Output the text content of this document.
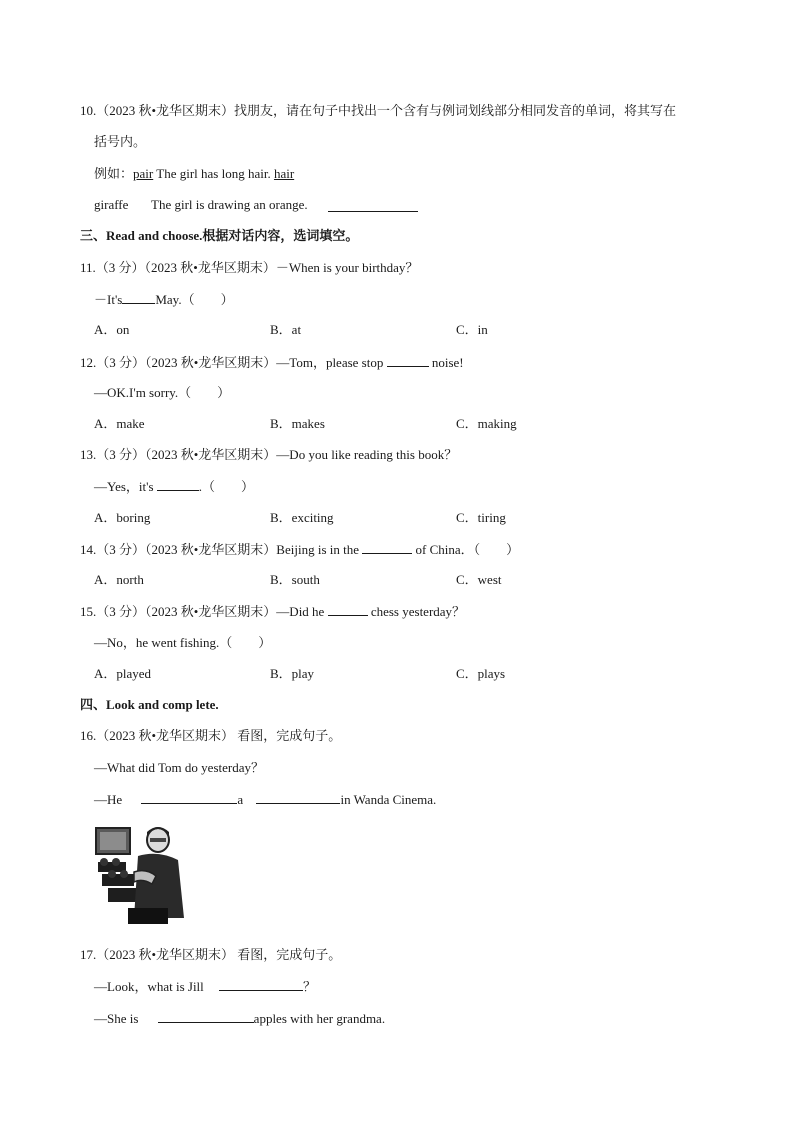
10.（2023 秋•龙华区期末）找朋友，请在句子中找出一个含有与例词划线部分相同发音的单词，将其写在
括号内。
例如：pair The girl has long hair. hair
giraffe The girl is drawing an orange.
三、Read and choose.根据对话内容，选词填空。
11.（3 分）（2023 秋•龙华区期末）－When is your birthday？
－It's	May.（　　）
A．on	B．at	C．in
12.（3 分）（2023 秋•龙华区期末）—Tom，please stop	noise!
—OK.I'm sorry.（　　）
A．make	B．makes	C．making
13.（3 分）（2023 秋•龙华区期末）—Do you like reading this book？
—Yes，it's	.（　　）
A．boring	B．exciting	C．tiring
14.（3 分）（2023 秋•龙华区期末）Beijing is in the	of China．（　　）
A．north	B．south	C．west
15.（3 分）（2023 秋•龙华区期末）—Did he	chess yesterday？
—No，he went fishing.（　　）
A．played	B．play	C．plays
四、Look and comp lete.
16.（2023 秋•龙华区期末） 看图，完成句子。
—What did Tom do yesterday？
—He	a	in Wanda Cinema.
17.（2023 秋•龙华区期末） 看图，完成句子。
—Look，what is Jill	？
—She is	apples with her grandma.
